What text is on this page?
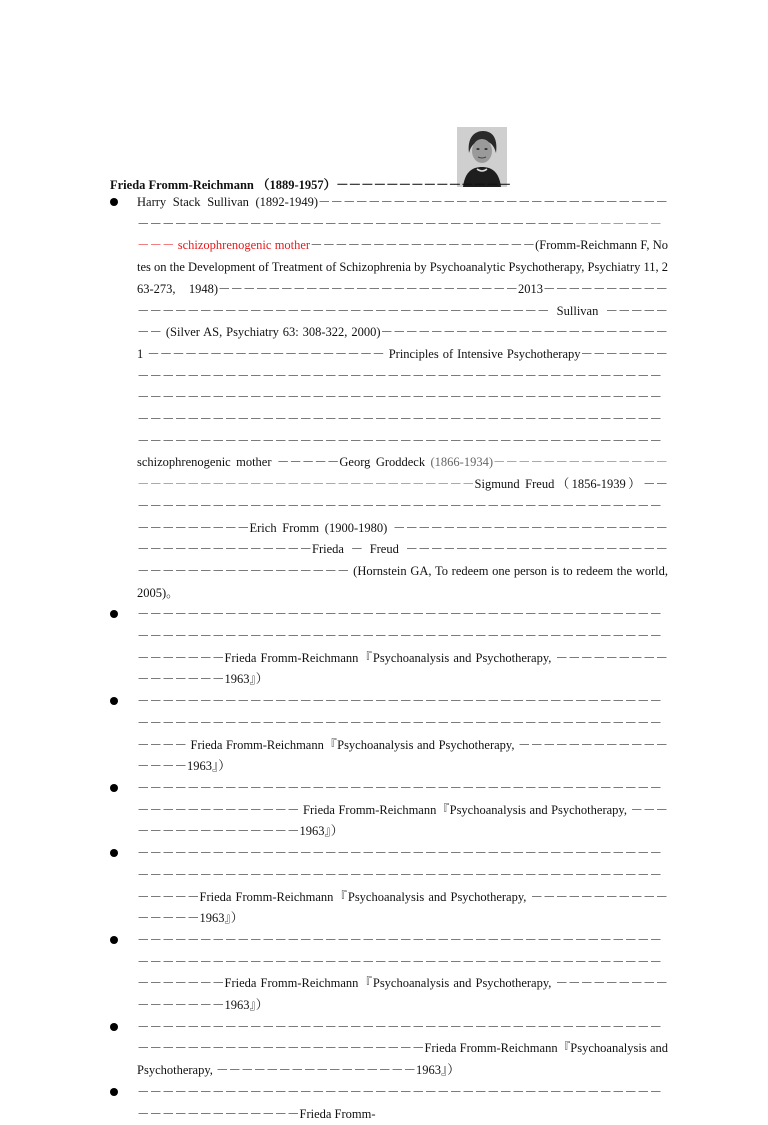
Frieda Fromm-Reichmann （1889-1957）－－－－－－－－－－－－－－
Harry Stack Sullivan (1892-1949)－－－－－－－－－－－－－－－－－－－－－－－－－－－－－－－－－－－－－－－－－－－－－－－－－－－－－－－－－－－－－－－－－－－－－－－－－ schizophrenogenic mother－－－－－－－－－－－－－－－－－－(Fromm-Reichmann F, Notes on the Development of Treatment of Schizophrenia by Psychoanalytic Psychotherapy, Psychiatry 11, 263-273, 1948)－－－－－－－－－－－－－－－－－－－－－－－－2013－－－－－－－－－－－－－－－－－－－－－－－－－－－－－－－－－－－－－－－－－－－ Sullivan －－－－－－－ (Silver AS, Psychiatry 63: 308-322, 2000)－－－－－－－－－－－－－－－－－－－－－－－ 1 －－－－－－－－－－－－－－－－－－－ Principles of Intensive Psychotherapy－－－－－－－－－－－－－－－－－－－－－－－－－－－－－－－－－－－－－－－－－－－－－－－－－－－－－－－－－－－－－－－－－－－－－－－－－－－－－－－－－－－－－－－－－－－－－－－－－－－－－－－－－－－－－－－－－－－－－－－－－－－－－－－－－－－－－－－－－－－－－－－－－－－－－－－－－－－－－－－－－－－－－－－－－－－－－－－ schizophrenogenic mother －－－－－Georg Groddeck (1866-1934)－－－－－－－－－－－－－－－－－－－－－－－－－－－－－－－－－－－－－－－－－Sigmund Freud（1856-1939）－－－－－－－－－－－－－－－－－－－－－－－－－－－－－－－－－－－－－－－－－－－－－－－－－－－－－Erich Fromm (1900-1980) －－－－－－－－－－－－－－－－－－－－－－－－－－－－－－－－－－－－Frieda － Freud －－－－－－－－－－－－－－－－－－－－－－－－－－－－－－－－－－－－－－ (Hornstein GA, To redeem one person is to redeem the world, 2005)。
－－－－－－－－－－－－－－－－－－－－－－－－－－－－－－－－－－－－－－－－－－－－－－－－－－－－－－－－－－－－－－－－－－－－－－－－－－－－－－－－－－－－－－－－－－－Frieda Fromm-Reichmann『Psychoanalysis and Psychotherapy, －－－－－－－－－－－－－－－－1963』）
－－－－－－－－－－－－－－－－－－－－－－－－－－－－－－－－－－－－－－－－－－－－－－－－－－－－－－－－－－－－－－－－－－－－－－－－－－－－－－－－－－－－－－－－ Frieda Fromm-Reichmann『Psychoanalysis and Psychotherapy, －－－－－－－－－－－－－－－－1963』）
－－－－－－－－－－－－－－－－－－－－－－－－－－－－－－－－－－－－－－－－－－－－－－－－－－－－－－－ Frieda Fromm-Reichmann『Psychoanalysis and Psychotherapy, －－－－－－－－－－－－－－－－1963』）
－－－－－－－－－－－－－－－－－－－－－－－－－－－－－－－－－－－－－－－－－－－－－－－－－－－－－－－－－－－－－－－－－－－－－－－－－－－－－－－－－－－－－－－－－Frieda Fromm-Reichmann『Psychoanalysis and Psychotherapy, －－－－－－－－－－－－－－－－1963』）
－－－－－－－－－－－－－－－－－－－－－－－－－－－－－－－－－－－－－－－－－－－－－－－－－－－－－－－－－－－－－－－－－－－－－－－－－－－－－－－－－－－－－－－－－－－Frieda Fromm-Reichmann『Psychoanalysis and Psychotherapy, －－－－－－－－－－－－－－－－1963』）
－－－－－－－－－－－－－－－－－－－－－－－－－－－－－－－－－－－－－－－－－－－－－－－－－－－－－－－－－－－－－－－－－Frieda Fromm-Reichmann『Psychoanalysis and Psychotherapy, －－－－－－－－－－－－－－－－1963』）
－－－－－－－－－－－－－－－－－－－－－－－－－－－－－－－－－－－－－－－－－－－－－－－－－－－－－－－Frieda Fromm-
